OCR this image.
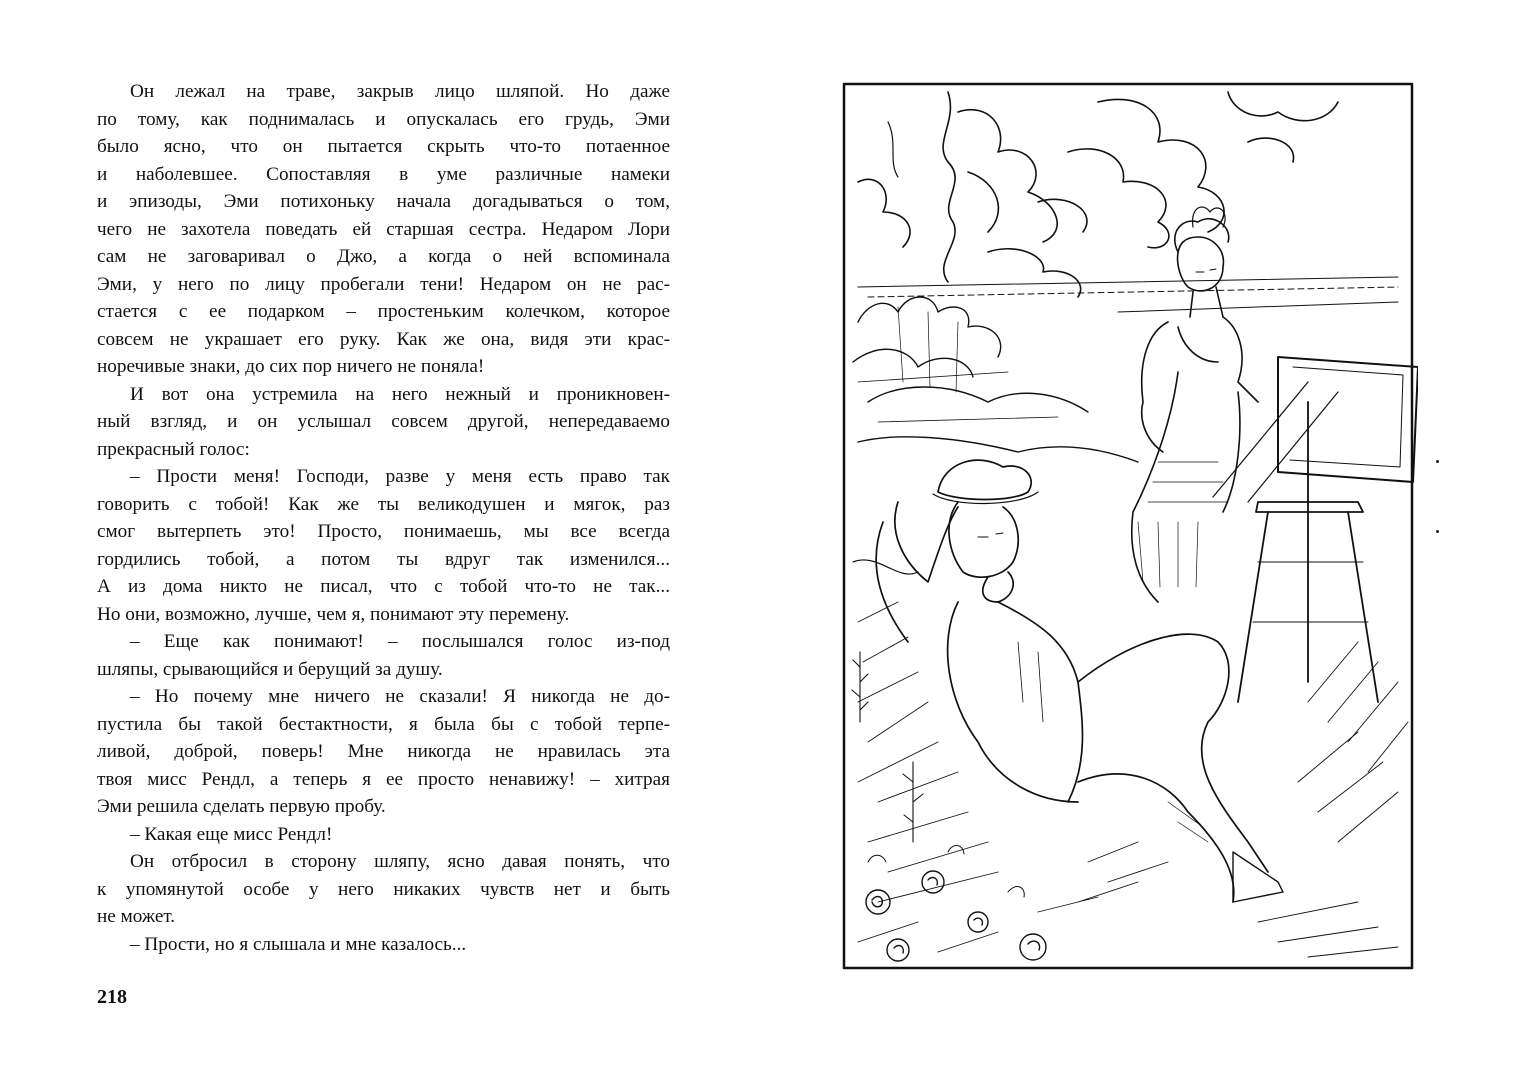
Он лежал на траве, закрыв лицо шляпой. Но даже
по тому, как поднималась и опускалась его грудь, Эми
было ясно, что он пытается скрыть что-то потаенное
и наболевшее. Сопоставляя в уме различные намеки
и эпизоды, Эми потихоньку начала догадываться о том,
чего не захотела поведать ей старшая сестра. Недаром Лори
сам не заговаривал о Джо, а когда о ней вспоминала
Эми, у него по лицу пробегали тени! Недаром он не рас-
стается с ее подарком – простеньким колечком, которое
совсем не украшает его руку. Как же она, видя эти крас-
норечивые знаки, до сих пор ничего не поняла!
И вот она устремила на него нежный и проникновен-
ный взгляд, и он услышал совсем другой, непередаваемо
прекрасный голос:
– Прости меня! Господи, разве у меня есть право так
говорить с тобой! Как же ты великодушен и мягок, раз
смог вытерпеть это! Просто, понимаешь, мы все всегда
гордились тобой, а потом ты вдруг так изменился...
А из дома никто не писал, что с тобой что-то не так...
Но они, возможно, лучше, чем я, понимают эту перемену.
– Еще как понимают! – послышался голос из-под
шляпы, срывающийся и берущий за душу.
– Но почему мне ничего не сказали! Я никогда не до-
пустила бы такой бестактности, я была бы с тобой терпе-
ливой, доброй, поверь! Мне никогда не нравилась эта
твоя мисс Рендл, а теперь я ее просто ненавижу! – хитрая
Эми решила сделать первую пробу.
– Какая еще мисс Рендл!
Он отбросил в сторону шляпу, ясно давая понять, что
к упомянутой особе у него никаких чувств нет и быть
не может.
– Прости, но я слышала и мне казалось...
218
